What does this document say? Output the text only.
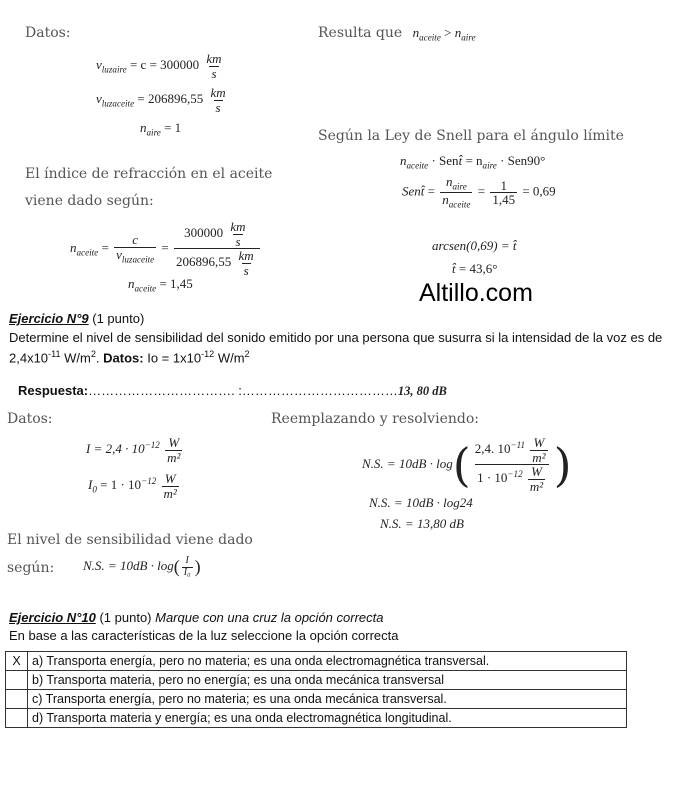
Datos:
$v_{luzaire} = c = 300000 \frac{km}{s}$
$v_{luzaceite} = 206896,55 \frac{km}{s}$
$n_{aire} = 1$
El índice de refracción en el aceite
viene dado según:
$n_{aceite} = \frac{c}{v_{luzaceite}} = \frac{300000 \frac{km}{s}}{206896,55 \frac{km}{s}}$
$n_{aceite} = 1,45$
Resulta que $n_{aceite} > n_{aire}$
Según la Ley de Snell para el ángulo límite
$n_{aceite}$ · Sent̂ = $n_{aire} \cdot Sen90^\circ$
Sent̂ = $\frac{n_{aire}}{n_{aceite}} = \frac{1}{1,45} = 0,69$
arcsen(0,69) = t̂
t̂ = 43,6°
Altillo.com
Ejercicio N°9 (1 punto)
Determine el nivel de sensibilidad del sonido emitido por una persona que susurra si la intensidad de la voz es de
$2,4x10^{-11}$ $W/m^2$. Datos: $Io = 1x10^{-12}$ $W/m^2$
Respuesta:……………………………. :………………………………13, 80 dB
Datos:
$I = 2,4 \cdot 10^{-12} \frac{W}{\text{m²}}$
$I_0 = 1 \cdot 10^{-12} \frac{W}{\text{m²}}$
El nivel de sensibilidad viene dado
según: N.S. = $10dB \cdot \log( \frac{I}{\text{I₀}}$ )
Reemplazando y resolviendo:
N.S. = $10dB \cdot \log( \frac{2,4. 10^{-11} \frac{W}{\text{m²}}}{1 \cdot 10^{-12} \frac{W}{\text{m²}}}$ )
N.S. = 10dB · log24
N.S. = 13,80 dB
Ejercicio N°10 (1 punto) Marque con una cruz la opción correcta
En base a las características de la luz seleccione la opción correcta
X	a) Transporta energía, pero no materia; es una onda electromagnética transversal.
	b) Transporta materia, pero no energía; es una onda mecánica transversal
	c) Transporta energía, pero no materia; es una onda mecánica transversal.
	d) Transporta materia y energía; es una onda electromagnética longitudinal.
